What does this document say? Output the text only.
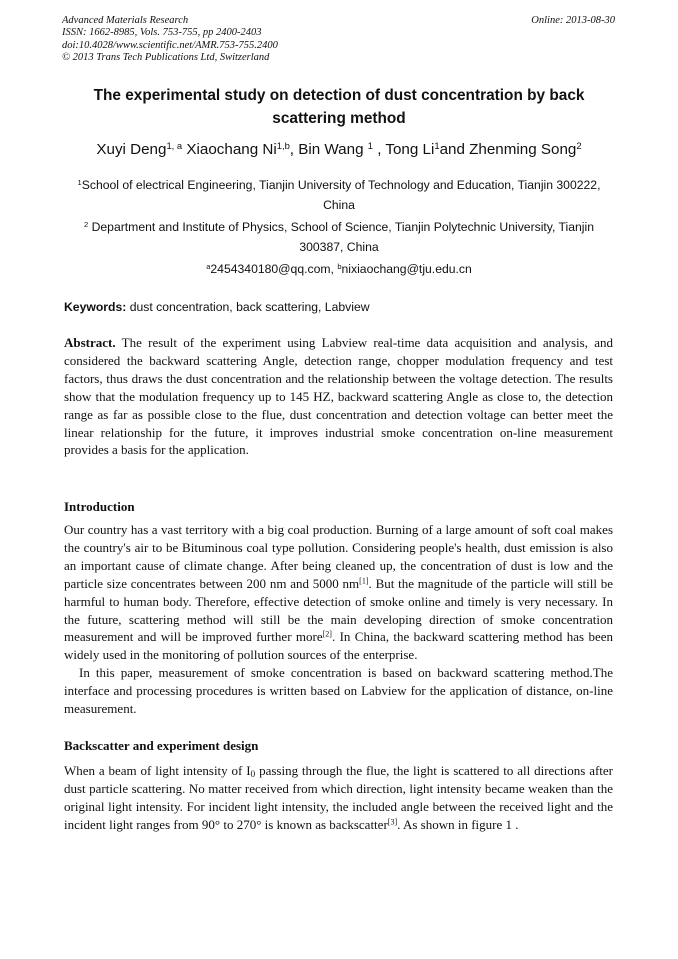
Advanced Materials Research
ISSN: 1662-8985, Vols. 753-755, pp 2400-2403
doi:10.4028/www.scientific.net/AMR.753-755.2400
© 2013 Trans Tech Publications Ltd, Switzerland
Online: 2013-08-30
The experimental study on detection of dust concentration by back scattering method
Xuyi Deng$^{1, a}$ Xiaochang Ni$^{1,b}$, Bin Wang $^1$ , Tong Li$^1$and Zhenming Song$^2$
$^1$School of electrical Engineering, Tianjin University of Technology and Education, Tianjin 300222, China
$^2$ Department and Institute of Physics, School of Science, Tianjin Polytechnic University, Tianjin 300387, China
$^a$2454340180@qq.com, $^b$nixiaochang@tju.edu.cn
Keywords: dust concentration, back scattering, Labview
Abstract. The result of the experiment using Labview real-time data acquisition and analysis, and considered the backward scattering Angle, detection range, chopper modulation frequency and test factors, thus draws the dust concentration and the relationship between the voltage detection. The results show that the modulation frequency up to 145 HZ, backward scattering Angle as close to, the detection range as far as possible close to the flue, dust concentration and detection voltage can better meet the linear relationship for the future, it improves industrial smoke concentration on-line measurement provides a basis for the application.
Introduction

Our country has a vast territory with a big coal production. Burning of a large amount of soft coal makes the country's air to be Bituminous coal type pollution. Considering people's health, dust emission is also an important cause of climate change. After being cleaned up, the concentration of dust is low and the particle size concentrates between 200 nm and 5000 nm[1]. But the magnitude of the particle will still be harmful to human body. Therefore, effective detection of smoke online and timely is very necessary. In the future, scattering method will still be the main developing direction of smoke concentration measurement and will be improved further more[2]. In China, the backward scattering method has been widely used in the monitoring of pollution sources of the enterprise.

In this paper, measurement of smoke concentration is based on backward scattering method.The interface and processing procedures is written based on Labview for the application of distance, on-line measurement.

Backscatter and experiment design
When a beam of light intensity of $I_0$ passing through the flue, the light is scattered to all directions after dust particle scattering. No matter received from which direction, light intensity became weaken than the original light intensity. For incident light intensity, the included angle between the received light and the incident light ranges from 90° to 270° is known as backscatter[3]. As shown in figure 1 .
